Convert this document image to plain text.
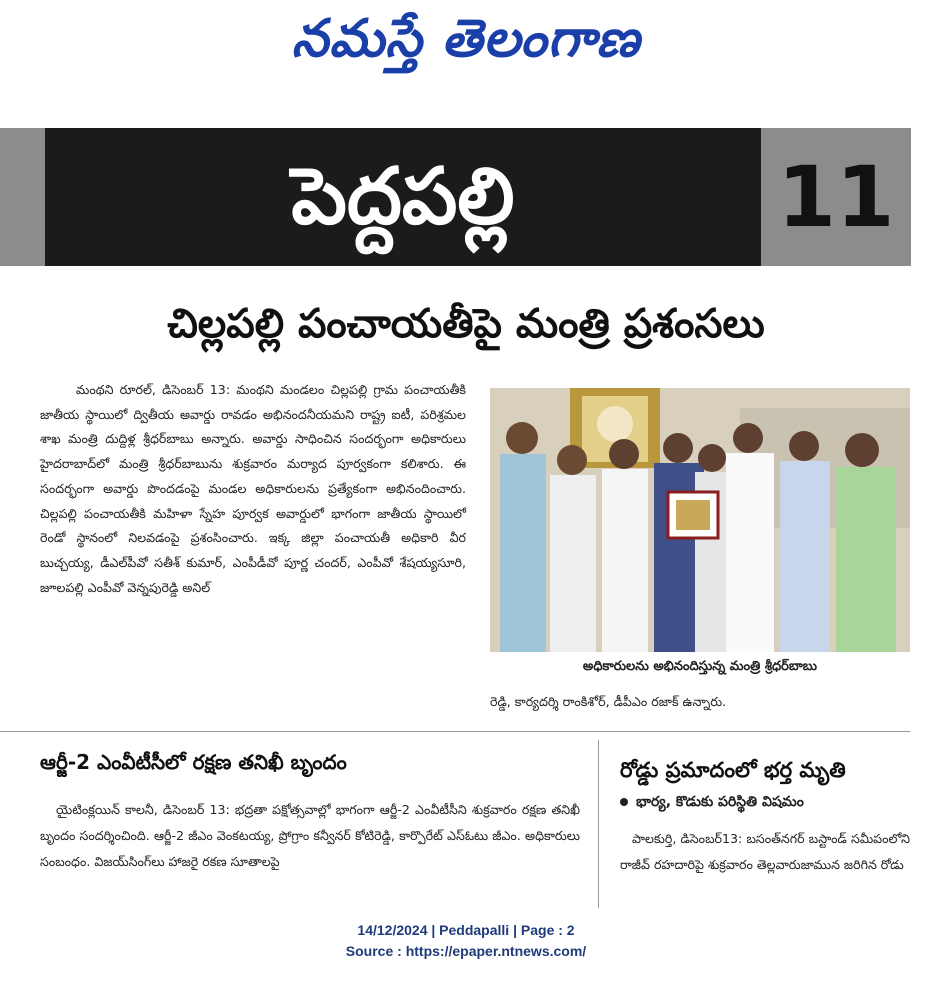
నమస్తే తెలంగాణ
పెద్దపల్లి	11
చిల్లపల్లి పంచాయతీపై మంత్రి ప్రశంసలు

మంథని రూరల్, డిసెంబర్ 13: మంథని మండలం చిల్లపల్లి గ్రామ పంచాయతీకి జాతీయ స్థాయిలో ద్వితీయ అవార్డు రావడం అభినందనీయమని రాష్ట్ర ఐటీ, పరిశ్రమల శాఖ మంత్రి దుద్దిళ్ల శ్రీధర్‌బాబు అన్నారు. అవార్డు సాధించిన సందర్భంగా అధికారులు హైదరాబాద్‌లో మంత్రి శ్రీధర్‌బాబును శుక్రవారం మర్యాద పూర్వకంగా కలిశారు. ఈ సందర్భంగా అవార్డు పొందడంపై మండల అధికారులను ప్రత్యేకంగా అభినందించారు. చిల్లపల్లి పంచాయతీకి మహిళా స్నేహ పూర్వక అవార్డులో భాగంగా జాతీయ స్థాయిలో రెండో స్థానంలో నిలవడంపై ప్రశంసించారు. ఇక్క జిల్లా పంచాయతీ అధికారి వీర బుచ్చయ్య, డీఎల్‌పీవో సతీశ్ కుమార్, ఎంపీడీవో పూర్ణ చందర్, ఎంపీవో శేషయ్యసూరి, జూలపల్లి ఎంపీవో వెన్నపురెడ్డి అనిల్

అధికారులను అభినందిస్తున్న మంత్రి శ్రీధర్‌బాబు
రెడ్డి, కార్యదర్శి రాంకిశోర్, డీపీఎం రజాక్ ఉన్నారు.
ఆర్జీ-2 ఎంవీటీసీలో రక్షణ తనిఖీ బృందం

యైటింక్లయిన్ కాలనీ, డిసెంబర్ 13: భద్రతా పక్షోత్సవాల్లో భాగంగా ఆర్జీ-2 ఎంవీటీసీని శుక్రవారం రక్షణ తనిఖీ బృందం సందర్శించింది. ఆర్జీ-2 జీఎం వెంకటయ్య, ప్రోగ్రాం కన్వీనర్ కోటిరెడ్డి, కార్పొరేట్ ఎస్ఓటు జీఎం. అధికారులు సంబంధం. విజయ్‌సింగ్‌లు హాజరై రకణ సూతాలపై

రోడ్డు ప్రమాదంలో భర్త మృతి
భార్య, కొడుకు పరిస్థితి విషమం

పాలకుర్తి, డిసెంబర్13: బసంత్‌నగర్ బస్టాండ్ సమీపంలోని రాజీవ్ రహదారిపై శుక్రవారం తెల్లవారుజామున జరిగిన రోడు

14/12/2024 | Peddapalli | Page : 2
Source : https://epaper.ntnews.com/
